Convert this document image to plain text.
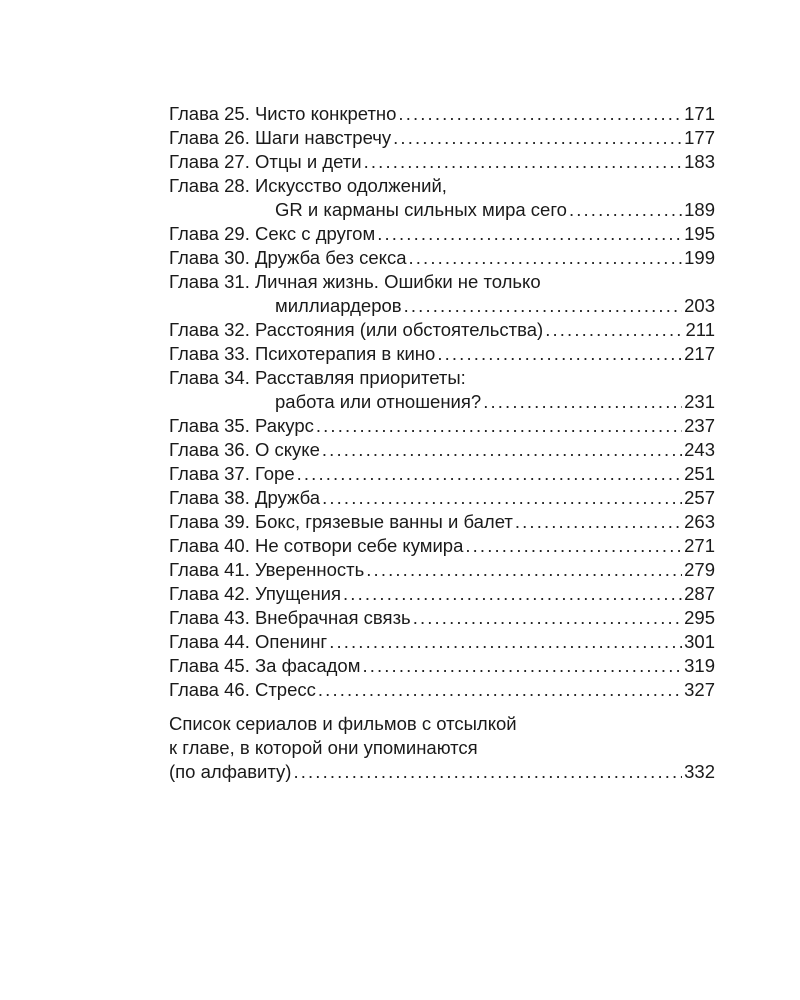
Глава 25. Чисто конкретно . . .	171
Глава 26. Шаги навстречу . . .	177
Глава 27. Отцы и дети . . .	183
Глава 28. Искусство одолжений,
GR и карманы сильных мира сего . . .	189
Глава 29. Секс с другом . . .	195
Глава 30. Дружба без секса . . .	199
Глава 31. Личная жизнь. Ошибки не только
миллиардеров . . .	203
Глава 32. Расстояния (или обстоятельства) . . .	211
Глава 33. Психотерапия в кино . . .	217
Глава 34. Расставляя приоритеты:
работа или отношения? . . .	231
Глава 35. Ракурс . . .	237
Глава 36. О скуке . . .	243
Глава 37. Горе . . .	251
Глава 38. Дружба . . .	257
Глава 39. Бокс, грязевые ванны и балет . . .	263
Глава 40. Не сотвори себе кумира . . .	271
Глава 41. Уверенность . . .	279
Глава 42. Упущения . . .	287
Глава 43. Внебрачная связь . . .	295
Глава 44. Опенинг . . .	301
Глава 45. За фасадом . . .	319
Глава 46. Стресс . . .	327
Список сериалов и фильмов с отсылкой
к главе, в которой они упоминаются
(по алфавиту) . . .	332
